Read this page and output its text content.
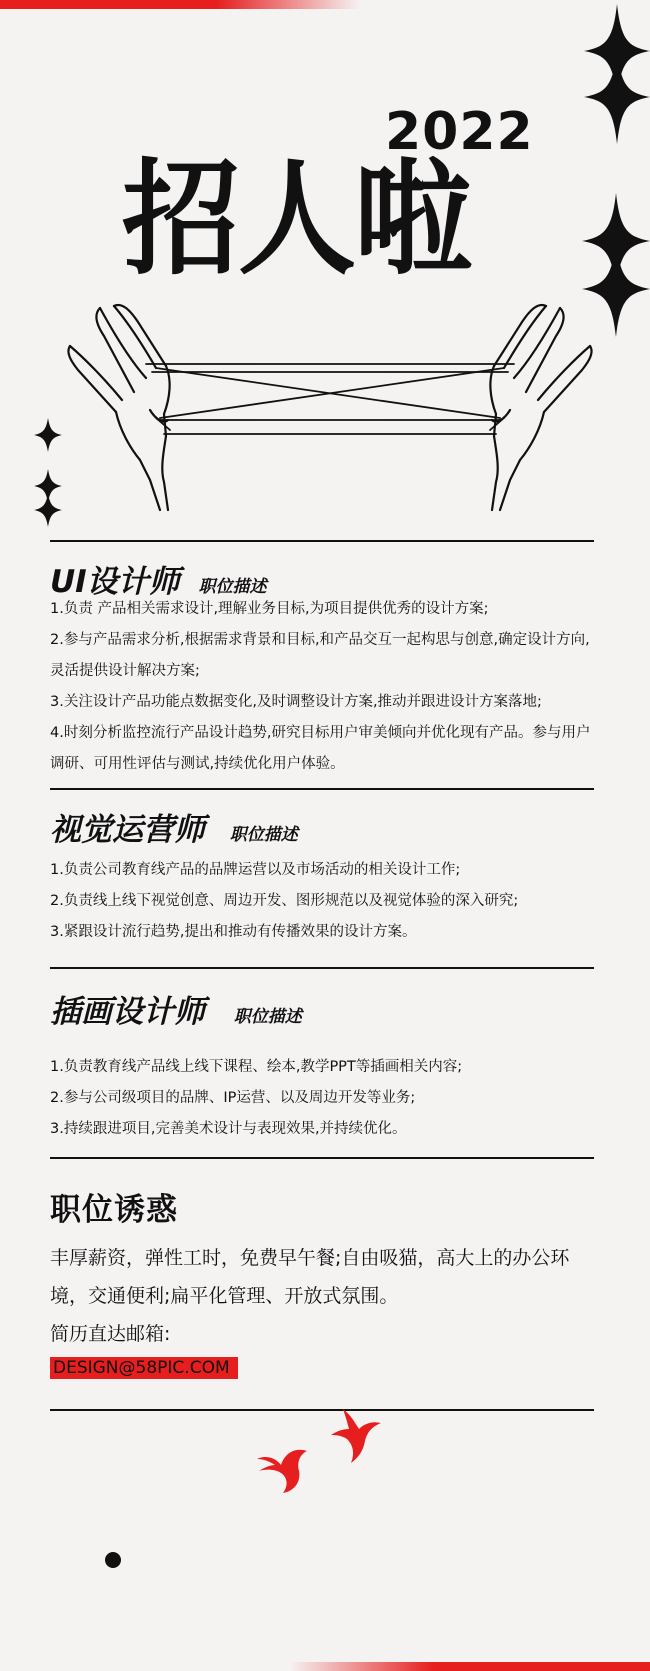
2022
招人啦
UI设计师 职位描述

1.负责 产品相关需求设计,理解业务目标,为项目提供优秀的设计方案;

2.参与产品需求分析,根据需求背景和目标,和产品交互一起构思与创意,确定设计方向,灵活提供设计解决方案;

3.关注设计产品功能点数据变化,及时调整设计方案,推动并跟进设计方案落地;

4.时刻分析监控流行产品设计趋势,研究目标用户审美倾向并优化现有产品。参与用户调研、可用性评估与测试,持续优化用户体验。

视觉运营师 职位描述

1.负责公司教育线产品的品牌运营以及市场活动的相关设计工作;

2.负责线上线下视觉创意、周边开发、图形规范以及视觉体验的深入研究;

3.紧跟设计流行趋势,提出和推动有传播效果的设计方案。

插画设计师 职位描述

1.负责教育线产品线上线下课程、绘本,教学PPT等插画相关内容;

2.参与公司级项目的品牌、IP运营、以及周边开发等业务;

3.持续跟进项目,完善美术设计与表现效果,并持续优化。

职位诱惑

丰厚薪资，弹性工时，免费早午餐;自由吸猫，高大上的办公环境，交通便利;扁平化管理、开放式氛围。

简历直达邮箱:

DESIGN@58PIC.COM
